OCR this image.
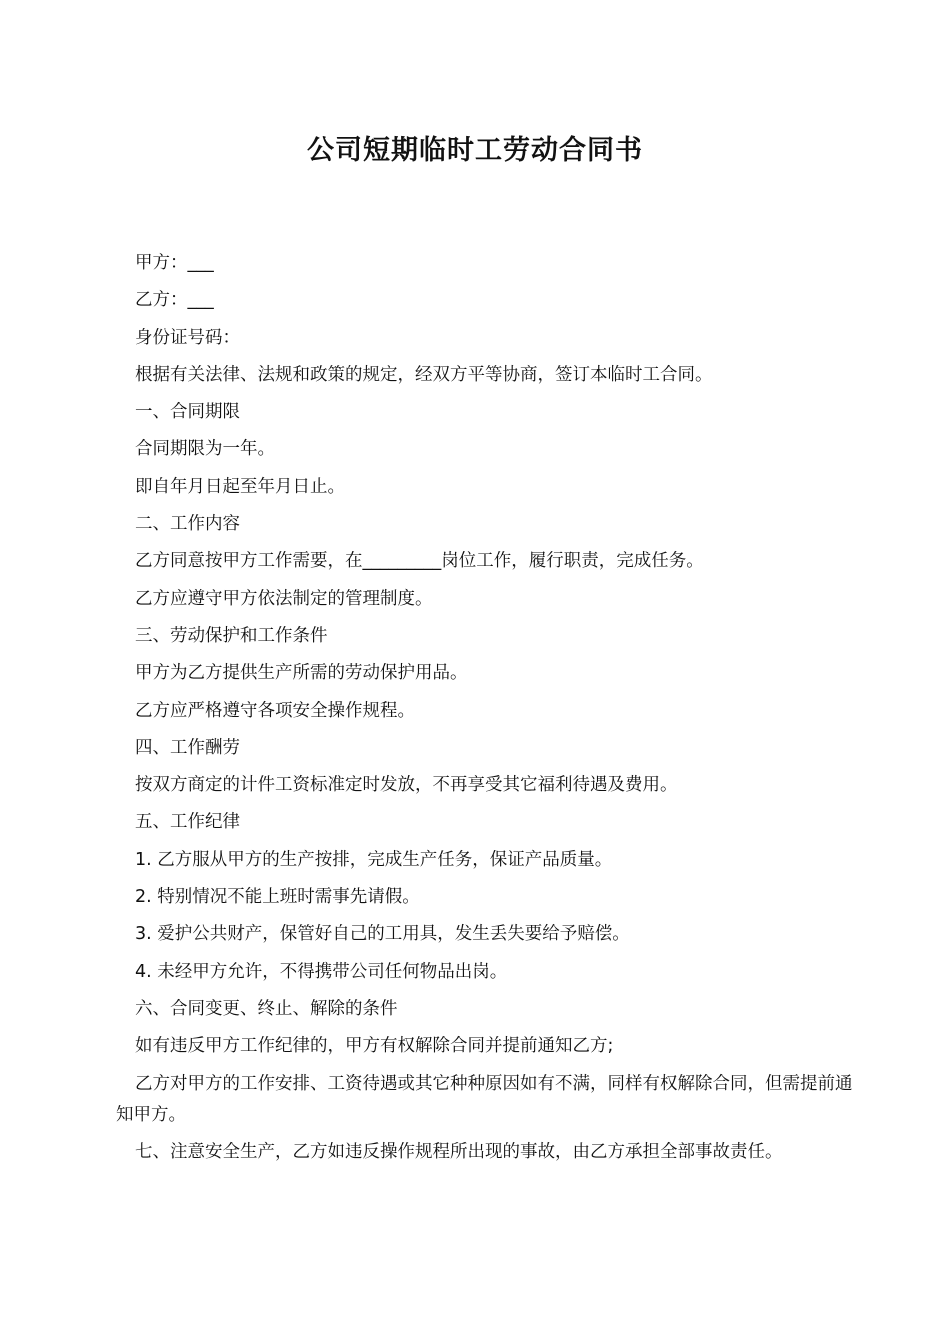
公司短期临时工劳动合同书

甲方：___

乙方：___

身份证号码：

根据有关法律、法规和政策的规定，经双方平等协商，签订本临时工合同。

一、合同期限

合同期限为一年。

即自年月日起至年月日止。

二、工作内容

乙方同意按甲方工作需要，在_________岗位工作，履行职责，完成任务。

乙方应遵守甲方依法制定的管理制度。

三、劳动保护和工作条件

甲方为乙方提供生产所需的劳动保护用品。

乙方应严格遵守各项安全操作规程。

四、工作酬劳

按双方商定的计件工资标准定时发放，不再享受其它福利待遇及费用。

五、工作纪律

1. 乙方服从甲方的生产按排，完成生产任务，保证产品质量。

2. 特别情况不能上班时需事先请假。

3. 爱护公共财产，保管好自己的工用具，发生丢失要给予赔偿。

4. 未经甲方允许，不得携带公司任何物品出岗。

六、合同变更、终止、解除的条件

如有违反甲方工作纪律的，甲方有权解除合同并提前通知乙方;

乙方对甲方的工作安排、工资待遇或其它种种原因如有不满，同样有权解除合同，但需提前通知甲方。

七、注意安全生产，乙方如违反操作规程所出现的事故，由乙方承担全部事故责任。
